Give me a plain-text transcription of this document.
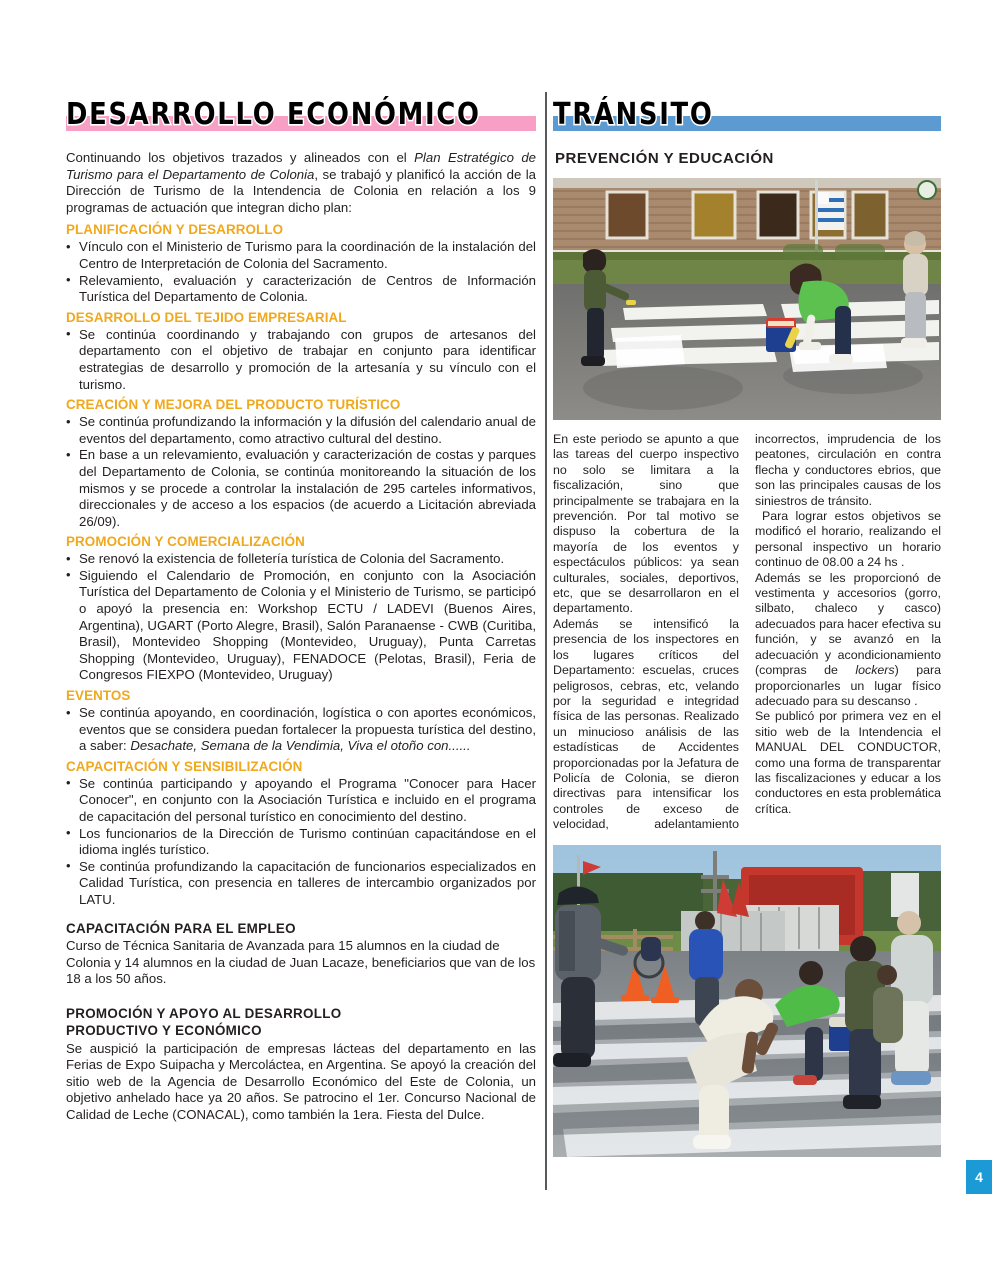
DESARROLLO ECONÓMICO

Continuando los objetivos trazados y alineados con el Plan Estratégico de Turismo para el Departamento de Colonia, se trabajó y planificó la acción de la Dirección de Turismo de la Intendencia de Colonia en relación a los 9 programas de actuación que integran dicho plan:

PLANIFICACIÓN Y DESARROLLO
• Vínculo con el Ministerio de Turismo para la coordinación de la instalación del Centro de Interpretación de Colonia del Sacramento.
• Relevamiento, evaluación y caracterización de Centros de Información Turística del Departamento de Colonia.
DESARROLLO DEL TEJIDO EMPRESARIAL
• Se continúa coordinando y trabajando con grupos de artesanos del departamento con el objetivo de trabajar en conjunto para identificar estrategias de desarrollo y promoción de la artesanía y su vínculo con el turismo.
CREACIÓN Y MEJORA DEL PRODUCTO TURÍSTICO
• Se continúa profundizando la información y la difusión del calendario anual de eventos del departamento, como atractivo cultural del destino.
• En base a un relevamiento, evaluación y caracterización de costas y parques del Departamento de Colonia, se continúa monitoreando la situación de los mismos y se procede a controlar la instalación de 295 carteles informativos, direccionales y de acceso a los espacios (de acuerdo a Licitación abreviada 26/09).
PROMOCIÓN Y COMERCIALIZACIÓN
• Se renovó la existencia de folletería turística de Colonia del Sacramento.
• Siguiendo el Calendario de Promoción, en conjunto con la Asociación Turística del Departamento de Colonia y el Ministerio de Turismo, se participó o apoyó la presencia en: Workshop ECTU / LADEVI (Buenos Aires, Argentina), UGART (Porto Alegre, Brasil), Salón Paranaense - CWB (Curitiba, Brasil), Montevideo Shopping (Montevideo, Uruguay), Punta Carretas Shopping (Montevideo, Uruguay), FENADOCE (Pelotas, Brasil), Feria de Congresos FIEXPO (Montevideo, Uruguay)
EVENTOS
• Se continúa apoyando, en coordinación, logística o con aportes económicos, eventos que se considera puedan fortalecer la propuesta turística del destino, a saber: Desachate, Semana de la Vendimia, Viva el otoño con......
CAPACITACIÓN Y SENSIBILIZACIÓN
• Se continúa participando y apoyando el Programa "Conocer para Hacer Conocer", en conjunto con la Asociación Turística e incluido en el programa de capacitación del personal turístico en conocimiento del destino.
• Los funcionarios de la Dirección de Turismo continúan capacitándose en el idioma inglés turístico.
• Se continúa profundizando la capacitación de funcionarios especializados en Calidad Turística, con presencia en talleres de intercambio organizados por LATU.
CAPACITACIÓN PARA EL EMPLEO

Curso de Técnica Sanitaria de Avanzada para 15 alumnos en la ciudad de Colonia y 14 alumnos en la ciudad de Juan Lacaze, beneficiarios que van de los 18 a los 50 años.

PROMOCIÓN Y APOYO AL DESARROLLO
PRODUCTIVO Y ECONÓMICO

Se auspició la participación de empresas lácteas del departamento en las Ferias de Expo Suipacha y Mercoláctea, en Argentina. Se apoyó la creación del sitio web de la Agencia de Desarrollo Económico del Este de Colonia, un objetivo anhelado hace ya 20 años. Se patrocino el 1er. Concurso Nacional de Calidad de Leche (CONACAL), como también la 1era. Fiesta del Dulce.

TRÁNSITO
PREVENCIÓN Y EDUCACIÓN

En este periodo se apunto a que las tareas del cuerpo inspectivo no solo se limitara a la fiscalización, sino que principalmente se trabajara en la prevención. Por tal motivo se dispuso la cobertura de la mayoría de los eventos y espectáculos públicos: ya sean culturales, sociales, deportivos, etc, que se desarrollaron en el departamento.

Además se intensificó la presencia de los inspectores en los lugares críticos del Departamento: escuelas, cruces peligrosos, cebras, etc, velando por la seguridad e integridad física de las personas. Realizado un minucioso análisis de las estadísticas de Accidentes proporcionadas por la Jefatura de Policía de Colonia, se dieron directivas para intensificar los controles de exceso de velocidad, adelantamiento incorrectos, imprudencia de los peatones, circulación en contra flecha y conductores ebrios, que son las principales causas de los siniestros de tránsito.

Para lograr estos objetivos se modificó el horario, realizando el personal inspectivo un horario continuo de 08.00 a 24 hs .

Además se les proporcionó de vestimenta y accesorios (gorro, silbato, chaleco y casco) adecuados para hacer efectiva su función, y se avanzó en la adecuación y acondicionamiento (compras de lockers) para proporcionarles un lugar físico adecuado para su descanso .

Se publicó por primera vez en el sitio web de la Intendencia el MANUAL DEL CONDUCTOR, como una forma de transparentar las fiscalizaciones y educar a los conductores en esta problemática crítica.

4
